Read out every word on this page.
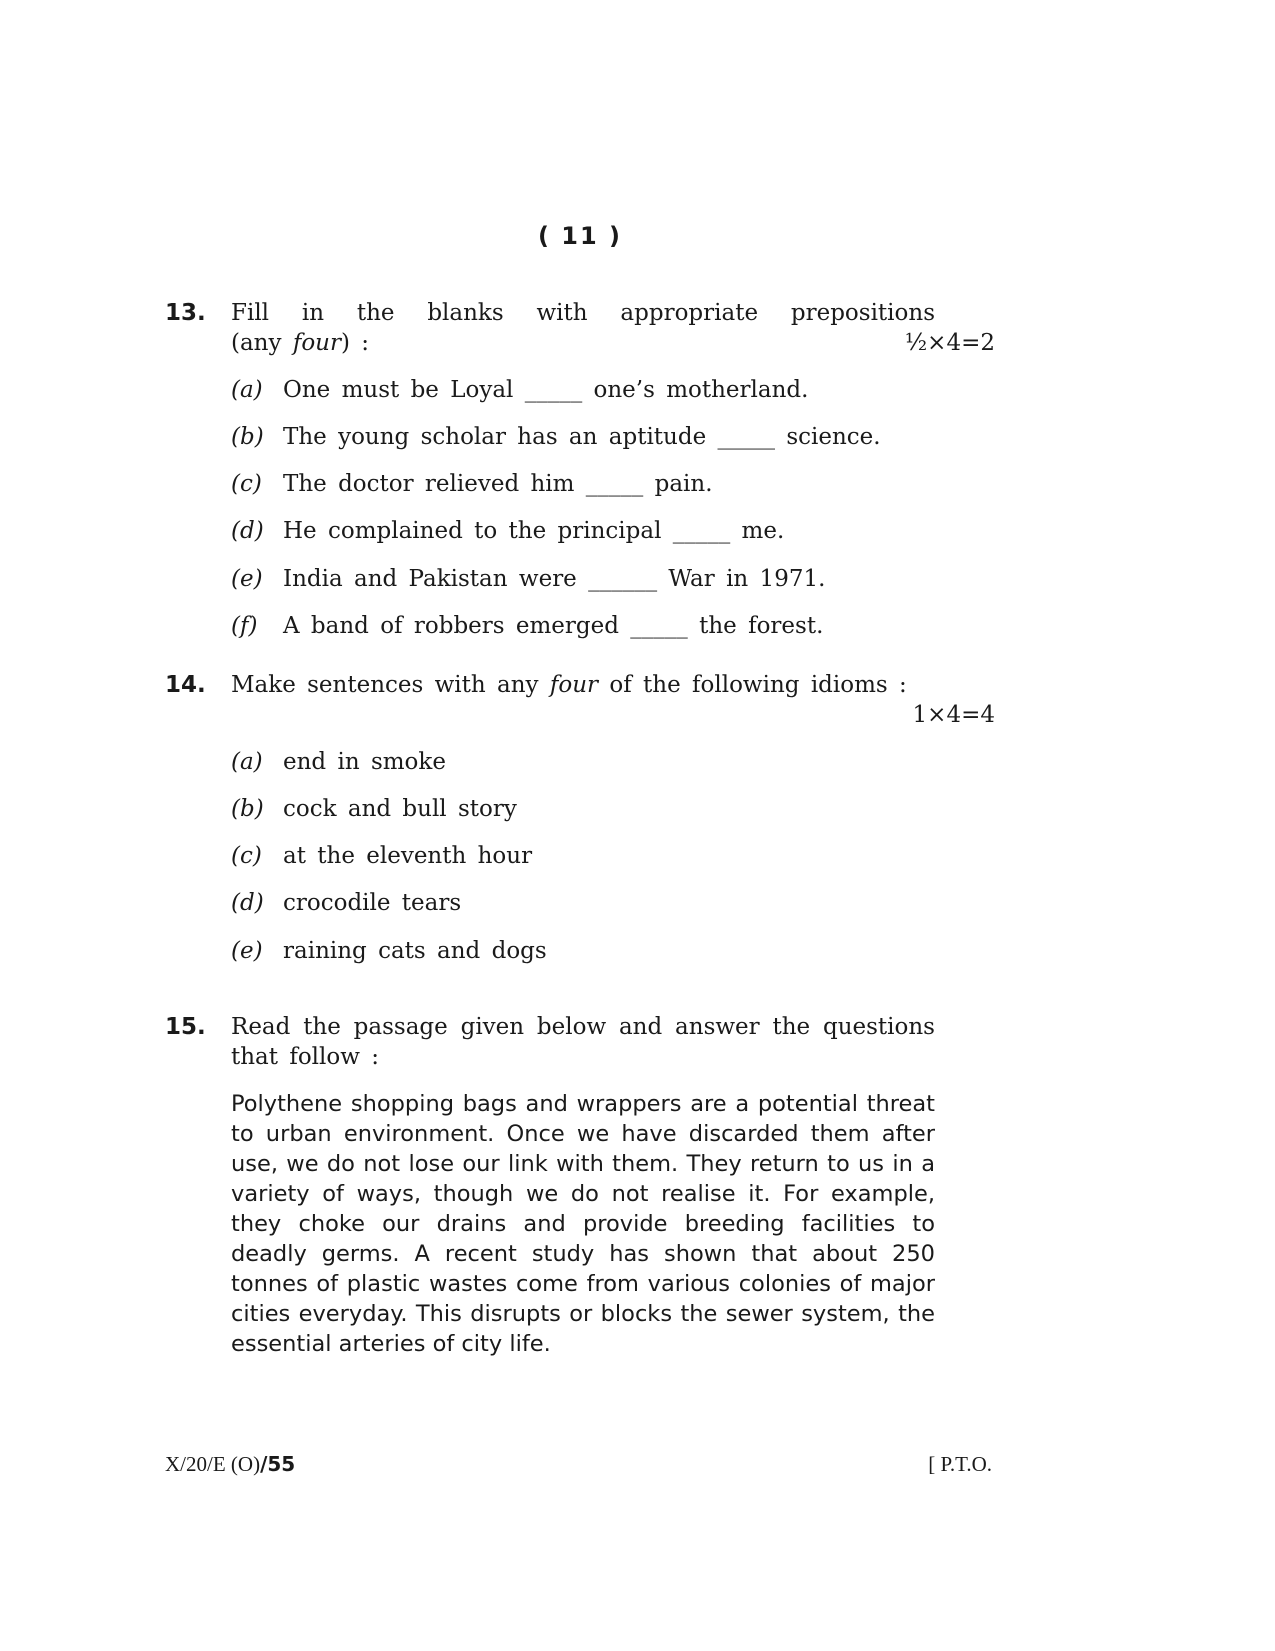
( 11 )
13. Fill in the blanks with appropriate prepositions
(any four) :	½×4=2
(a) One must be Loyal _____ one’s motherland.
(b) The young scholar has an aptitude _____ science.
(c) The doctor relieved him _____ pain.
(d) He complained to the principal _____ me.
(e) India and Pakistan were ______ War in 1971.
(f) A band of robbers emerged _____ the forest.
14. Make sentences with any four of the following idioms :
1×4=4
(a) end in smoke
(b) cock and bull story
(c) at the eleventh hour
(d) crocodile tears
(e) raining cats and dogs
15. Read the passage given below and answer the questions
that follow :
Polythene shopping bags and wrappers are a potential threat to urban environment. Once we have discarded them after use, we do not lose our link with them. They return to us in a variety of ways, though we do not realise it. For example, they choke our drains and provide breeding facilities to deadly germs. A recent study has shown that about 250 tonnes of plastic wastes come from various colonies of major cities everyday. This disrupts or blocks the sewer system, the essential arteries of city life.
X/20/E (O)/55	[ P.T.O.
